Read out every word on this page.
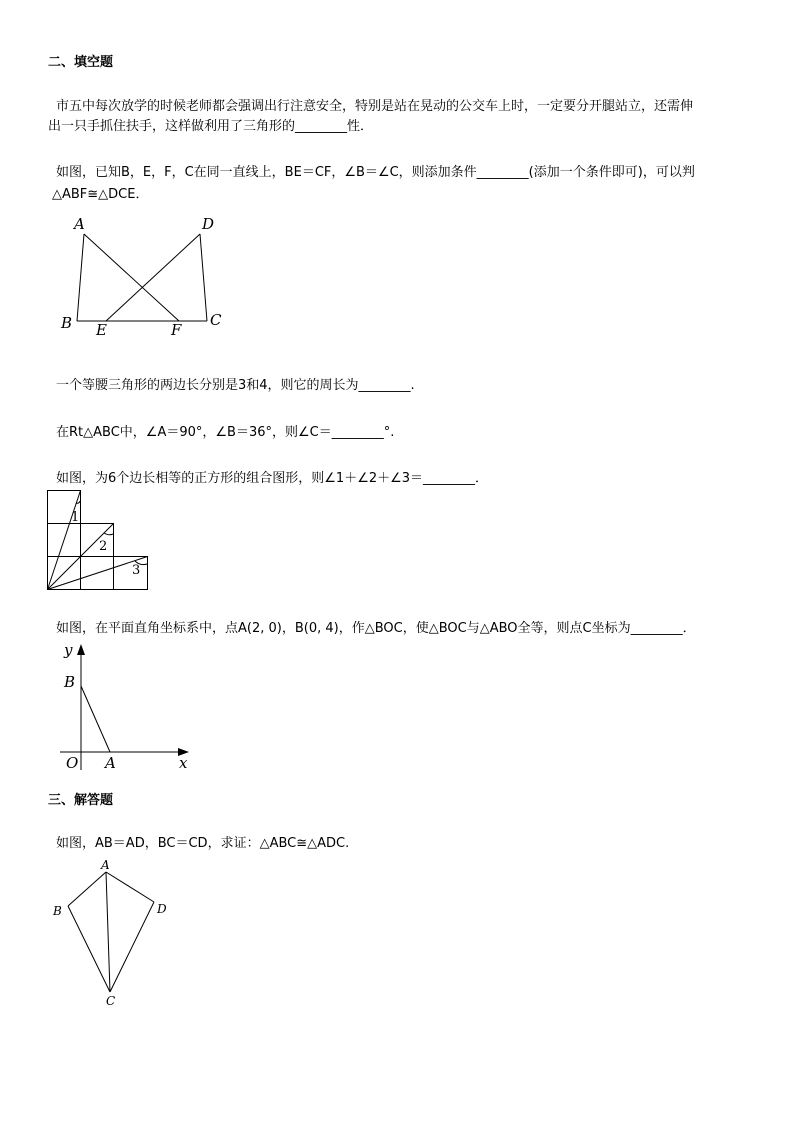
二、填空题
市五中每次放学的时候老师都会强调出行注意安全，特别是站在晃动的公交车上时，一定要分开腿站立，还需伸
出一只手抓住扶手，这样做利用了三角形的________性．
如图，已知B，E，F，C在同一直线上，BE＝CF，∠B＝∠C，则添加条件________(添加一个条件即可)，可以判
△ABF≅△DCE．
A	D
B E	F
C
一个等腰三角形的两边长分别是3和4，则它的周长为________.
在Rt△ABC中，∠A＝90°，∠B＝36°，则∠C＝________°.
如图，为6个边长相等的正方形的组合图形，则∠1＋∠2＋∠3＝________．
1
2
3
如图，在平面直角坐标系中，点A(2, 0)，B(0, 4)，作△BOC，使△BOC与△ABO全等，则点C坐标为________．
y
x
B
O A
三、解答题
如图，AB＝AD，BC＝CD，求证：△ABC≅△ADC.
A
B	D
C
